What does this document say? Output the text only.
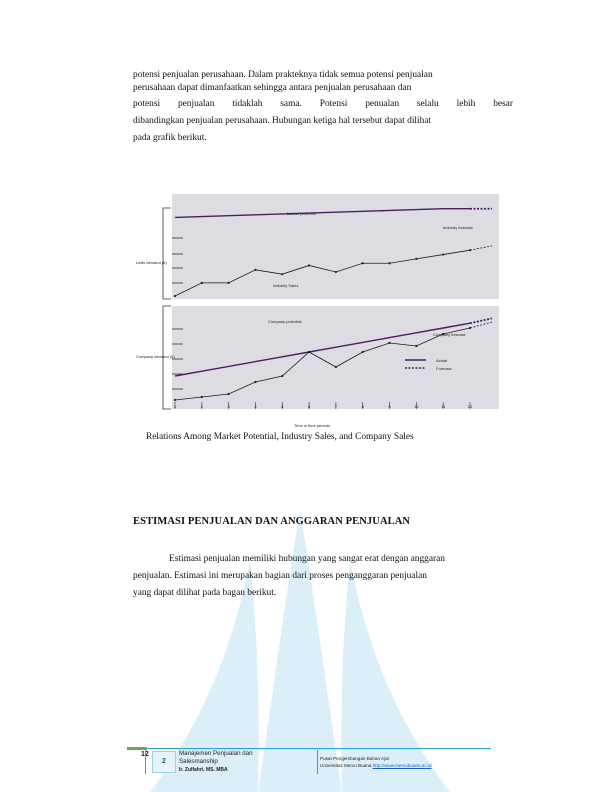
potensi penjualan perusahaan. Dalam prakteknya tidak semua potensi penjualan
perusahaan dapat dimanfaatkan sehingga antara penjualan perusahaan dan
potensi penjualan tidaklah sama. Potensi penualan selalu lebih besar
dibandingkan penjualan perusahaan. Hubungan ketiga hal tersebut dapat dilihat
pada grafik berikut.
Units demand (#)
Company demand (#)
Market potential
Industry forecast
Industry Sales
Company potential
Company forecast
Actual
Forecast
1	2	3	4	5	6	7	8	9	10	11	12
Time in time periods
Relations Among Market Potential, Industry Sales, and Company Sales
ESTIMASI PENJUALAN DAN ANGGARAN PENJUALAN
Estimasi penjualan memiliki hubungan yang sangat erat dengan anggaran
penjualan. Estimasi ini merupakan bagian dari proses penganggaran penjualan
yang dapat dilihat pada bagan berikut.
12
2
Manajemen Penjualan dan
Salesmanship
Ir. Zulfahri, MS. MBA
Pusat Pengembangan Bahan Ajar
Universitas Mercu Buana http://www.mercubuana.ac.id
